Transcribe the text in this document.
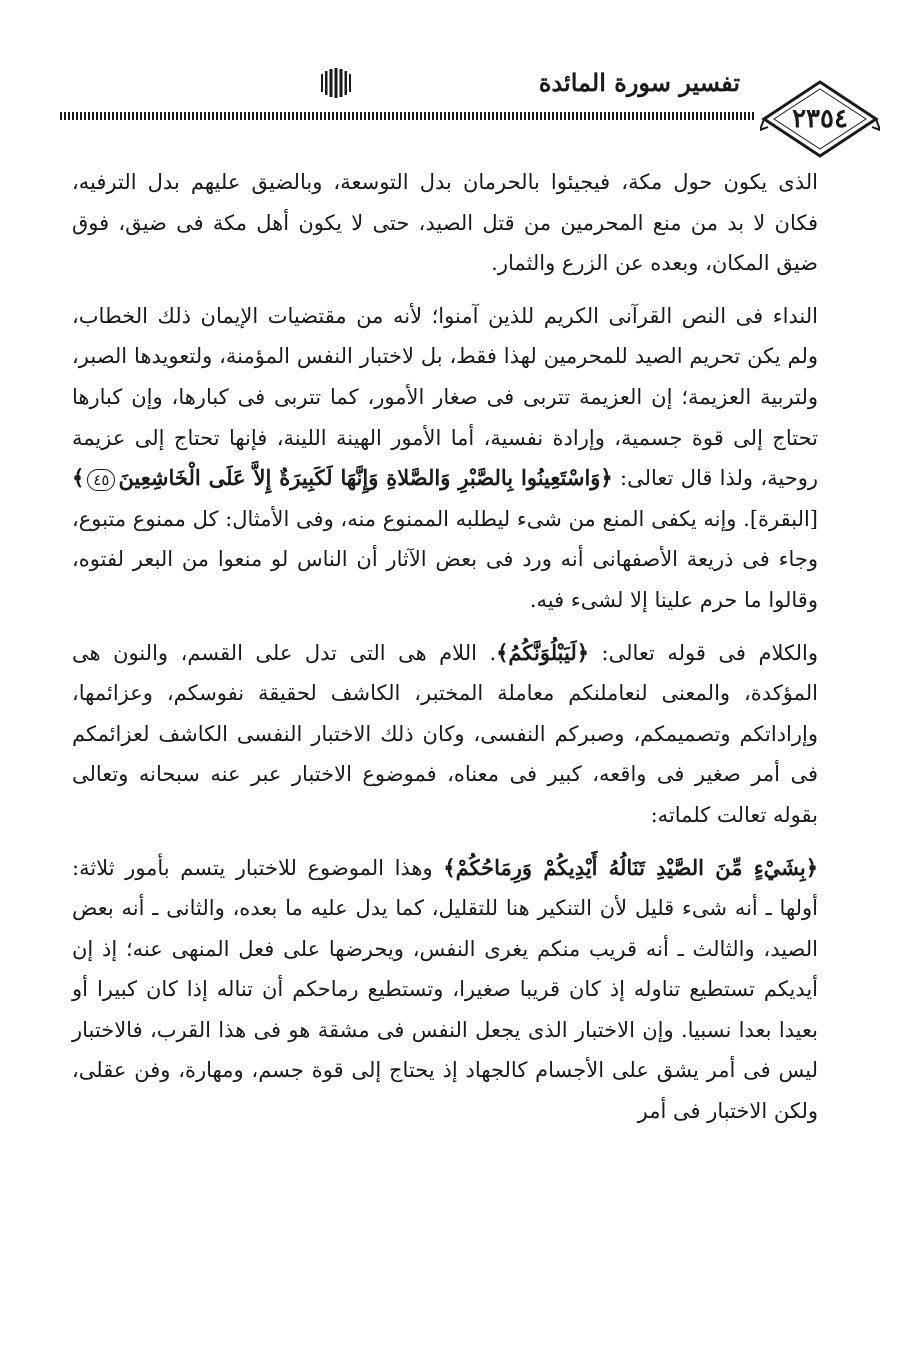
تفسير سورة المائدة
٢٣٥٤

الذى يكون حول مكة، فيجيئوا بالحرمان بدل التوسعة، وبالضيق عليهم بدل الترفيه، فكان لا بد من منع المحرمين من قتل الصيد، حتى لا يكون أهل مكة فى ضيق، فوق ضيق المكان، وبعده عن الزرع والثمار.

النداء فى النص القرآنى الكريم للذين آمنوا؛ لأنه من مقتضيات الإيمان ذلك الخطاب، ولم يكن تحريم الصيد للمحرمين لهذا فقط، بل لاختبار النفس المؤمنة، ولتعويدها الصبر، ولتربية العزيمة؛ إن العزيمة تتربى فى صغار الأمور، كما تتربى فى كبارها، وإن كبارها تحتاج إلى قوة جسمية، وإرادة نفسية، أما الأمور الهينة اللينة، فإنها تحتاج إلى عزيمة روحية، ولذا قال تعالى: ﴿وَاسْتَعِينُوا بِالصَّبْرِ وَالصَّلاةِ وَإِنَّهَا لَكَبِيرَةٌ إِلاَّ عَلَى الْخَاشِعِينَ٤٥﴾ [البقرة]. وإنه يكفى المنع من شىء ليطلبه الممنوع منه، وفى الأمثال: كل ممنوع متبوع، وجاء فى ذريعة الأصفهانى أنه ورد فى بعض الآثار أن الناس لو منعوا من البعر لفتوه، وقالوا ما حرم علينا إلا لشىء فيه.

والكلام فى قوله تعالى: ﴿لَيَبْلُوَنَّكُمُ﴾. اللام هى التى تدل على القسم، والنون هى المؤكدة، والمعنى لنعاملنكم معاملة المختبر، الكاشف لحقيقة نفوسكم، وعزائمها، وإراداتكم وتصميمكم، وصبركم النفسى، وكان ذلك الاختبار النفسى الكاشف لعزائمكم فى أمر صغير فى واقعه، كبير فى معناه، فموضوع الاختبار عبر عنه سبحانه وتعالى بقوله تعالت كلماته:

﴿بِشَيْءٍ مِّنَ الصَّيْدِ تَنَالُهُ أَيْدِيكُمْ وَرِمَاحُكُمْ﴾ وهذا الموضوع للاختبار يتسم بأمور ثلاثة: أولها ـ أنه شىء قليل لأن التنكير هنا للتقليل، كما يدل عليه ما بعده، والثانى ـ أنه بعض الصيد، والثالث ـ أنه قريب منكم يغرى النفس، ويحرضها على فعل المنهى عنه؛ إذ إن أيديكم تستطيع تناوله إذ كان قريبا صغيرا، وتستطيع رماحكم أن تناله إذا كان كبيرا أو بعيدا بعدا نسبيا. وإن الاختبار الذى يجعل النفس فى مشقة هو فى هذا القرب، فالاختبار ليس فى أمر يشق على الأجسام كالجهاد إذ يحتاج إلى قوة جسم، ومهارة، وفن عقلى، ولكن الاختبار فى أمر
